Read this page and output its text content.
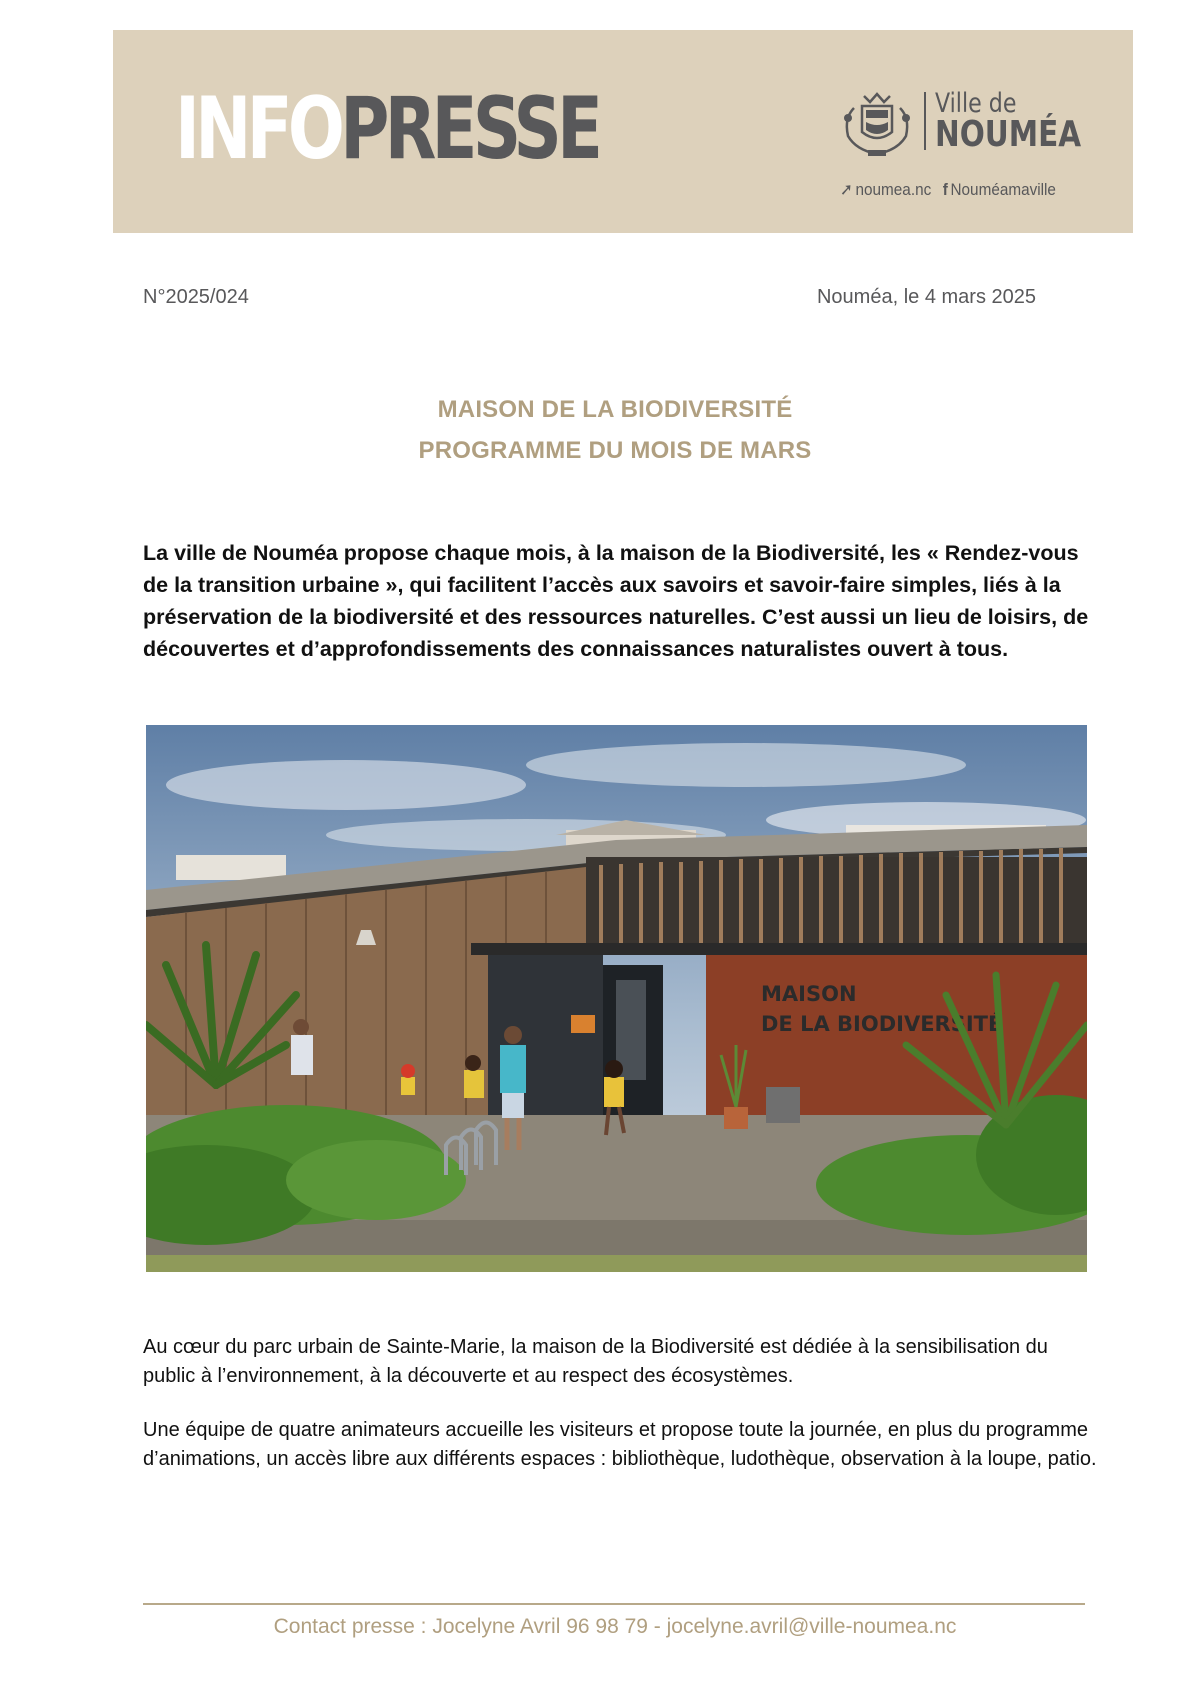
INFOPRESSE	Ville de
NOUMÉA
➚ noumea.nc f Nouméamaville
N°2025/024	Nouméa, le 4 mars 2025
MAISON DE LA BIODIVERSITÉ
PROGRAMME DU MOIS DE MARS
La ville de Nouméa propose chaque mois, à la maison de la Biodiversité, les « Rendez-vous de la transition urbaine », qui facilitent l’accès aux savoirs et savoir-faire simples, liés à la préservation de la biodiversité et des ressources naturelles. C’est aussi un lieu de loisirs, de découvertes et d’approfondissements des connaissances naturalistes ouvert à tous.
MAISON
DE LA BIODIVERSITÉ
Au cœur du parc urbain de Sainte-Marie, la maison de la Biodiversité est dédiée à la sensibilisation du public à l’environnement, à la découverte et au respect des écosystèmes.
Une équipe de quatre animateurs accueille les visiteurs et propose toute la journée, en plus du programme d’animations, un accès libre aux différents espaces : bibliothèque, ludothèque, observation à la loupe, patio.
Contact presse : Jocelyne Avril 96 98 79 - jocelyne.avril@ville-noumea.nc
